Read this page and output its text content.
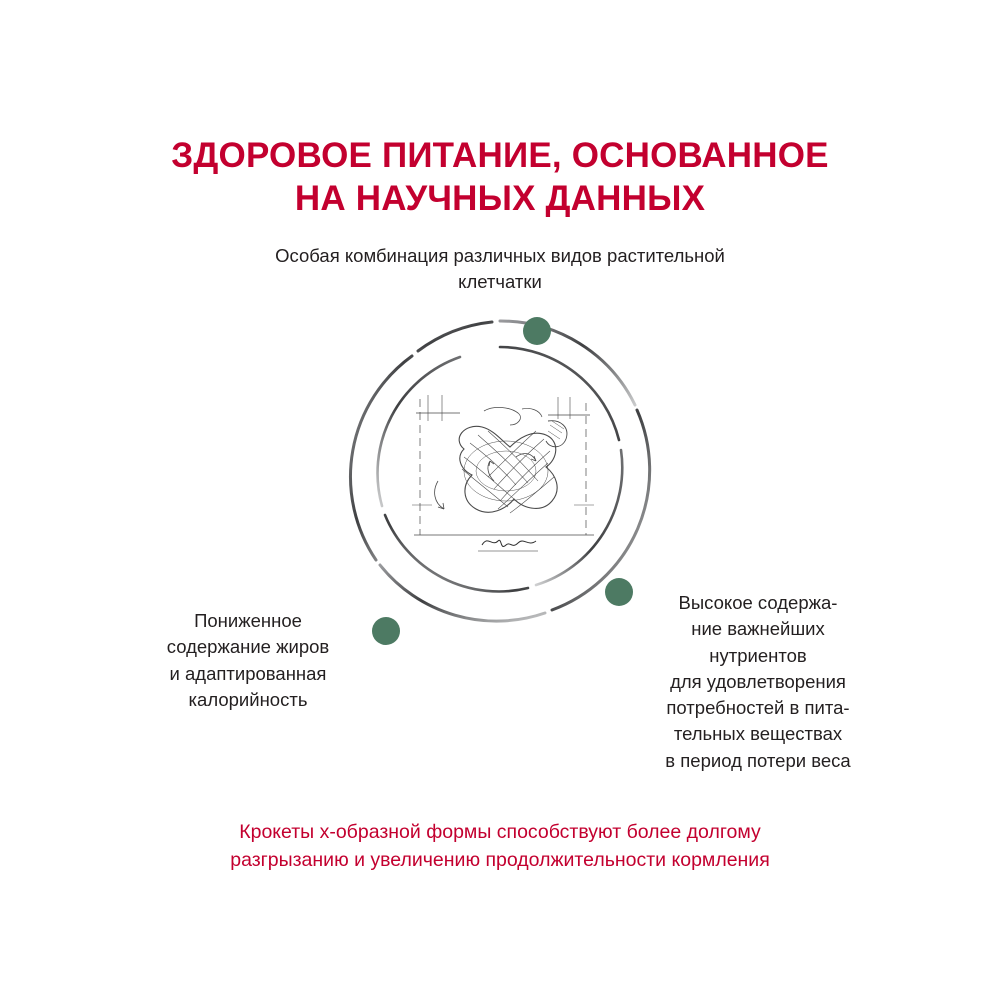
ЗДОРОВОЕ ПИТАНИЕ, ОСНОВАННОЕ
НА НАУЧНЫХ ДАННЫХ
Особая комбинация различных видов растительной клетчатки
Пониженное
содержание жиров
и адаптированная
калорийность
Высокое содержа-
ние важнейших
нутриентов
для удовлетворения
потребностей в пита-
тельных веществах
в период потери веса
Крокеты х-образной формы способствуют более долгому
разгрызанию и увеличению продолжительности кормления
